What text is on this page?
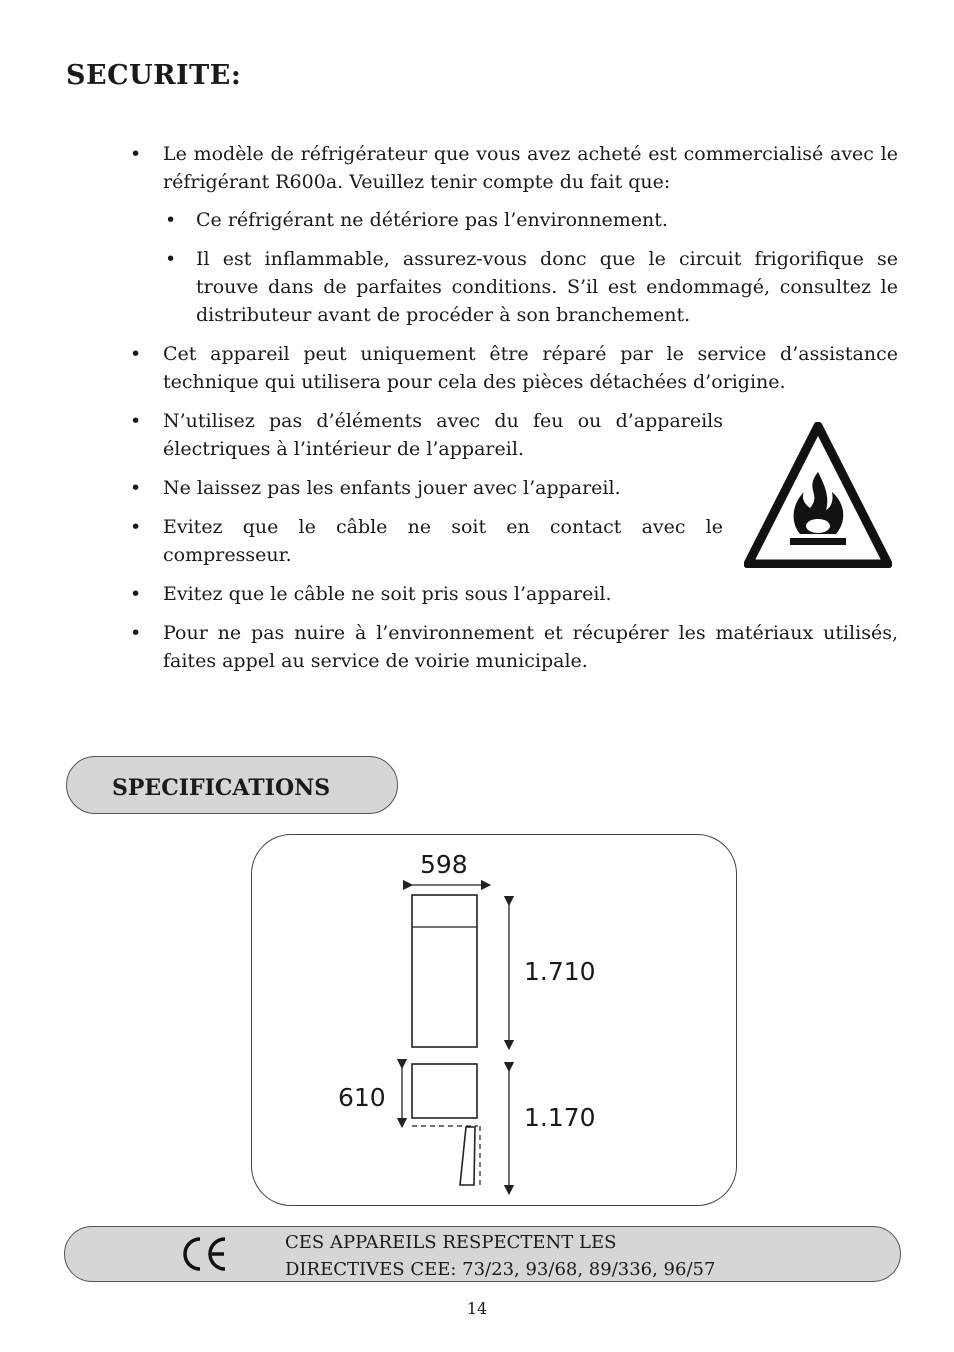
SECURITE:
• Le modèle de réfrigérateur que vous avez acheté est commercialisé avec le réfrigérant R600a. Veuillez tenir compte du fait que:
• Ce réfrigérant ne détériore pas l’environnement.
• Il est inflammable, assurez-vous donc que le circuit frigorifique se trouve dans de parfaites conditions. S’il est endommagé, consultez le distributeur avant de procéder à son branchement.
• Cet appareil peut uniquement être réparé par le service d’assistance technique qui utilisera pour cela des pièces détachées d’origine.
• N’utilisez pas d’éléments avec du feu ou d’appareils électriques à l’intérieur de l’appareil.
• Ne laissez pas les enfants jouer avec l’appareil.
• Evitez que le câble ne soit en contact avec le compresseur.
• Evitez que le câble ne soit pris sous l’appareil.
• Pour ne pas nuire à l’environnement et récupérer les matériaux utilisés, faites appel au service de voirie municipale.
SPECIFICATIONS
598
1.710
610
1.170
CES APPAREILS RESPECTENT LES
DIRECTIVES CEE: 73/23, 93/68, 89/336, 96/57
14
